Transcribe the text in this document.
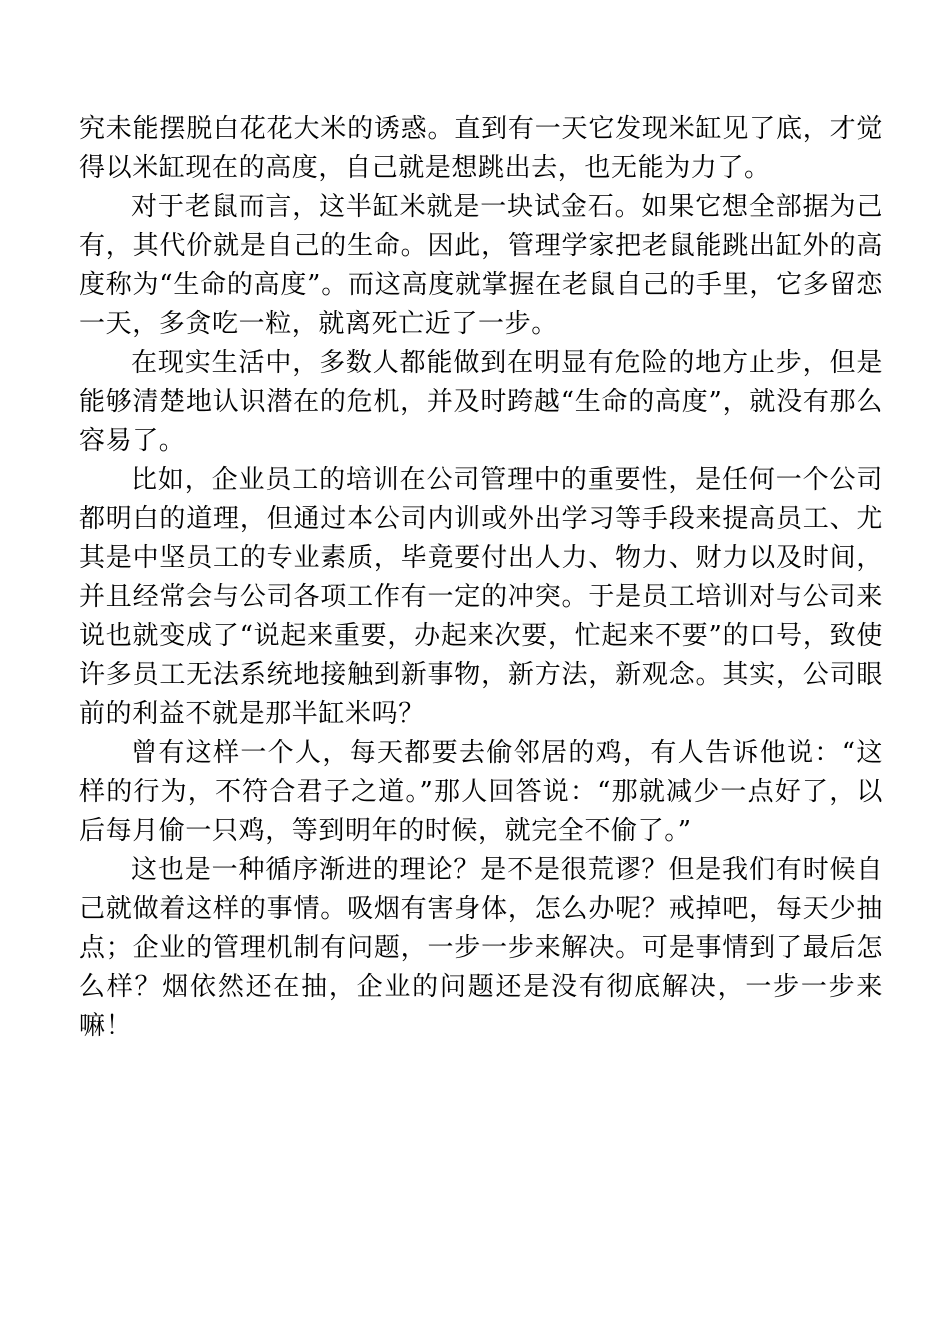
究未能摆脱白花花大米的诱惑。直到有一天它发现米缸见了底，才觉得以米缸现在的高度，自己就是想跳出去，也无能为力了。

对于老鼠而言，这半缸米就是一块试金石。如果它想全部据为己有，其代价就是自己的生命。因此，管理学家把老鼠能跳出缸外的高度称为“生命的高度”。而这高度就掌握在老鼠自己的手里，它多留恋一天，多贪吃一粒，就离死亡近了一步。

在现实生活中，多数人都能做到在明显有危险的地方止步，但是能够清楚地认识潜在的危机，并及时跨越“生命的高度”，就没有那么容易了。

比如，企业员工的培训在公司管理中的重要性，是任何一个公司都明白的道理，但通过本公司内训或外出学习等手段来提高员工、尤其是中坚员工的专业素质，毕竟要付出人力、物力、财力以及时间，并且经常会与公司各项工作有一定的冲突。于是员工培训对与公司来说也就变成了“说起来重要，办起来次要，忙起来不要”的口号，致使许多员工无法系统地接触到新事物，新方法，新观念。其实，公司眼前的利益不就是那半缸米吗？

曾有这样一个人，每天都要去偷邻居的鸡，有人告诉他说：“这样的行为，不符合君子之道。”那人回答说：“那就减少一点好了，以后每月偷一只鸡，等到明年的时候，就完全不偷了。”

这也是一种循序渐进的理论？是不是很荒谬？但是我们有时候自己就做着这样的事情。吸烟有害身体，怎么办呢？戒掉吧，每天少抽点；企业的管理机制有问题，一步一步来解决。可是事情到了最后怎么样？烟依然还在抽，企业的问题还是没有彻底解决，一步一步来嘛！
